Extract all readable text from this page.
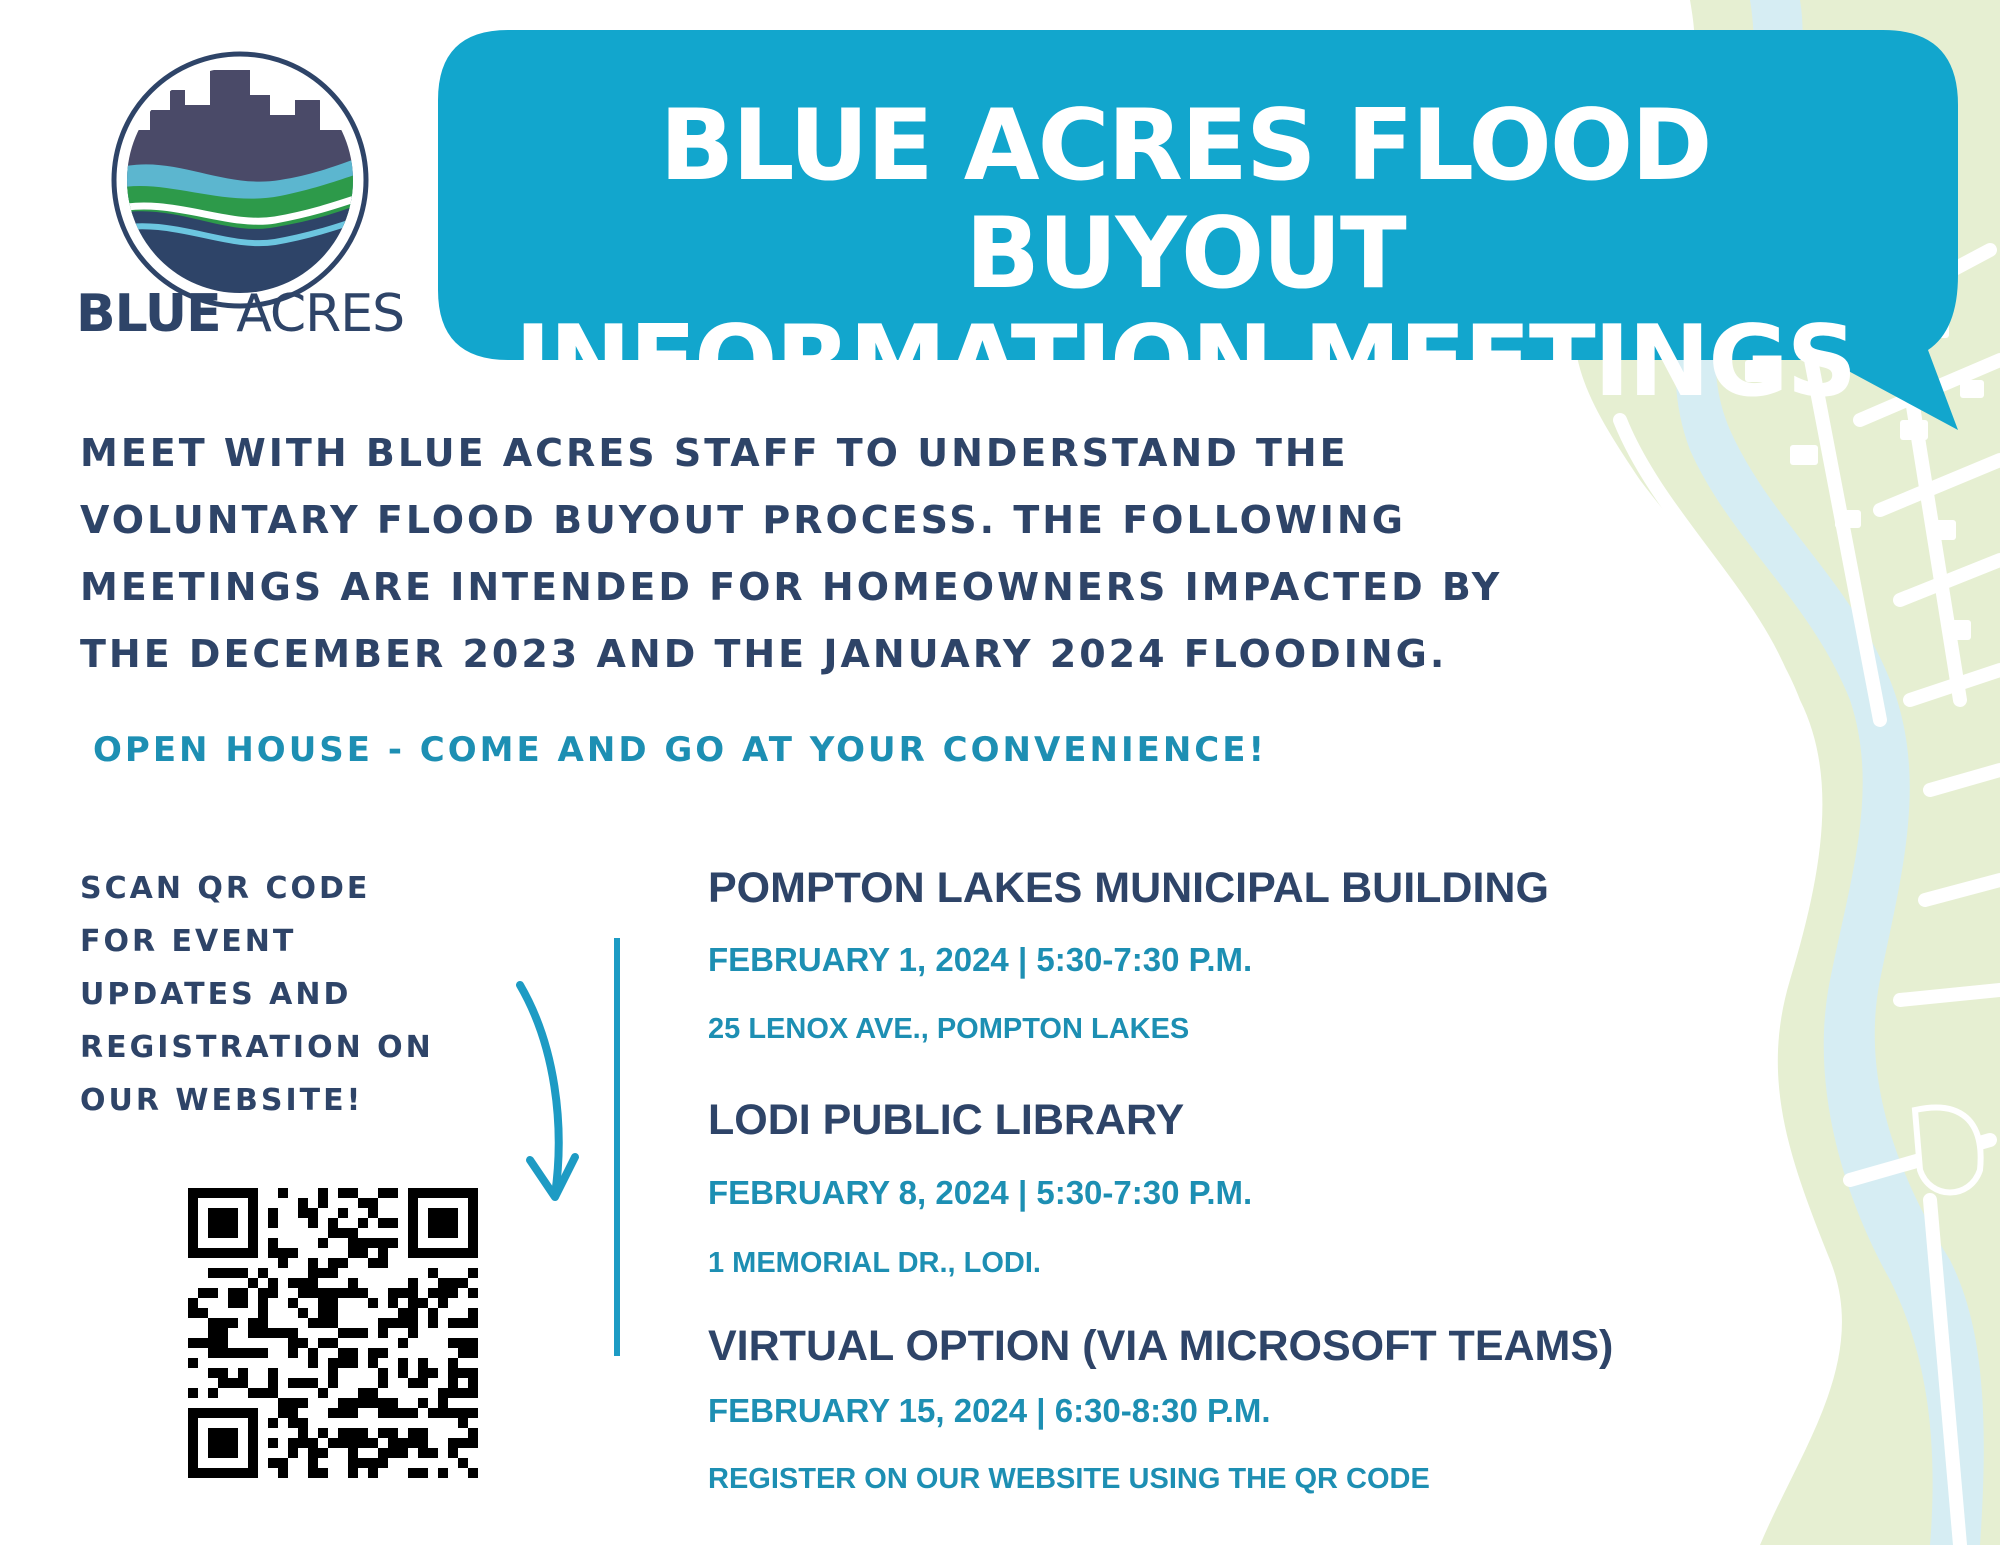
BLUE ACRES
BLUE ACRES FLOOD BUYOUT
INFORMATION MEETINGS
MEET WITH BLUE ACRES STAFF TO UNDERSTAND THE
VOLUNTARY FLOOD BUYOUT PROCESS. THE FOLLOWING
MEETINGS ARE INTENDED FOR HOMEOWNERS IMPACTED BY
THE DECEMBER 2023 AND THE JANUARY 2024 FLOODING.
OPEN HOUSE - COME AND GO AT YOUR CONVENIENCE!
SCAN QR CODE
FOR EVENT
UPDATES AND
REGISTRATION ON
OUR WEBSITE!
POMPTON LAKES MUNICIPAL BUILDING
FEBRUARY 1, 2024 | 5:30-7:30 P.M.
25 LENOX AVE., POMPTON LAKES
LODI PUBLIC LIBRARY
FEBRUARY 8, 2024 | 5:30-7:30 P.M.
1 MEMORIAL DR., LODI.
VIRTUAL OPTION (VIA MICROSOFT TEAMS)
FEBRUARY 15, 2024 | 6:30-8:30 P.M.
REGISTER ON OUR WEBSITE USING THE QR CODE
